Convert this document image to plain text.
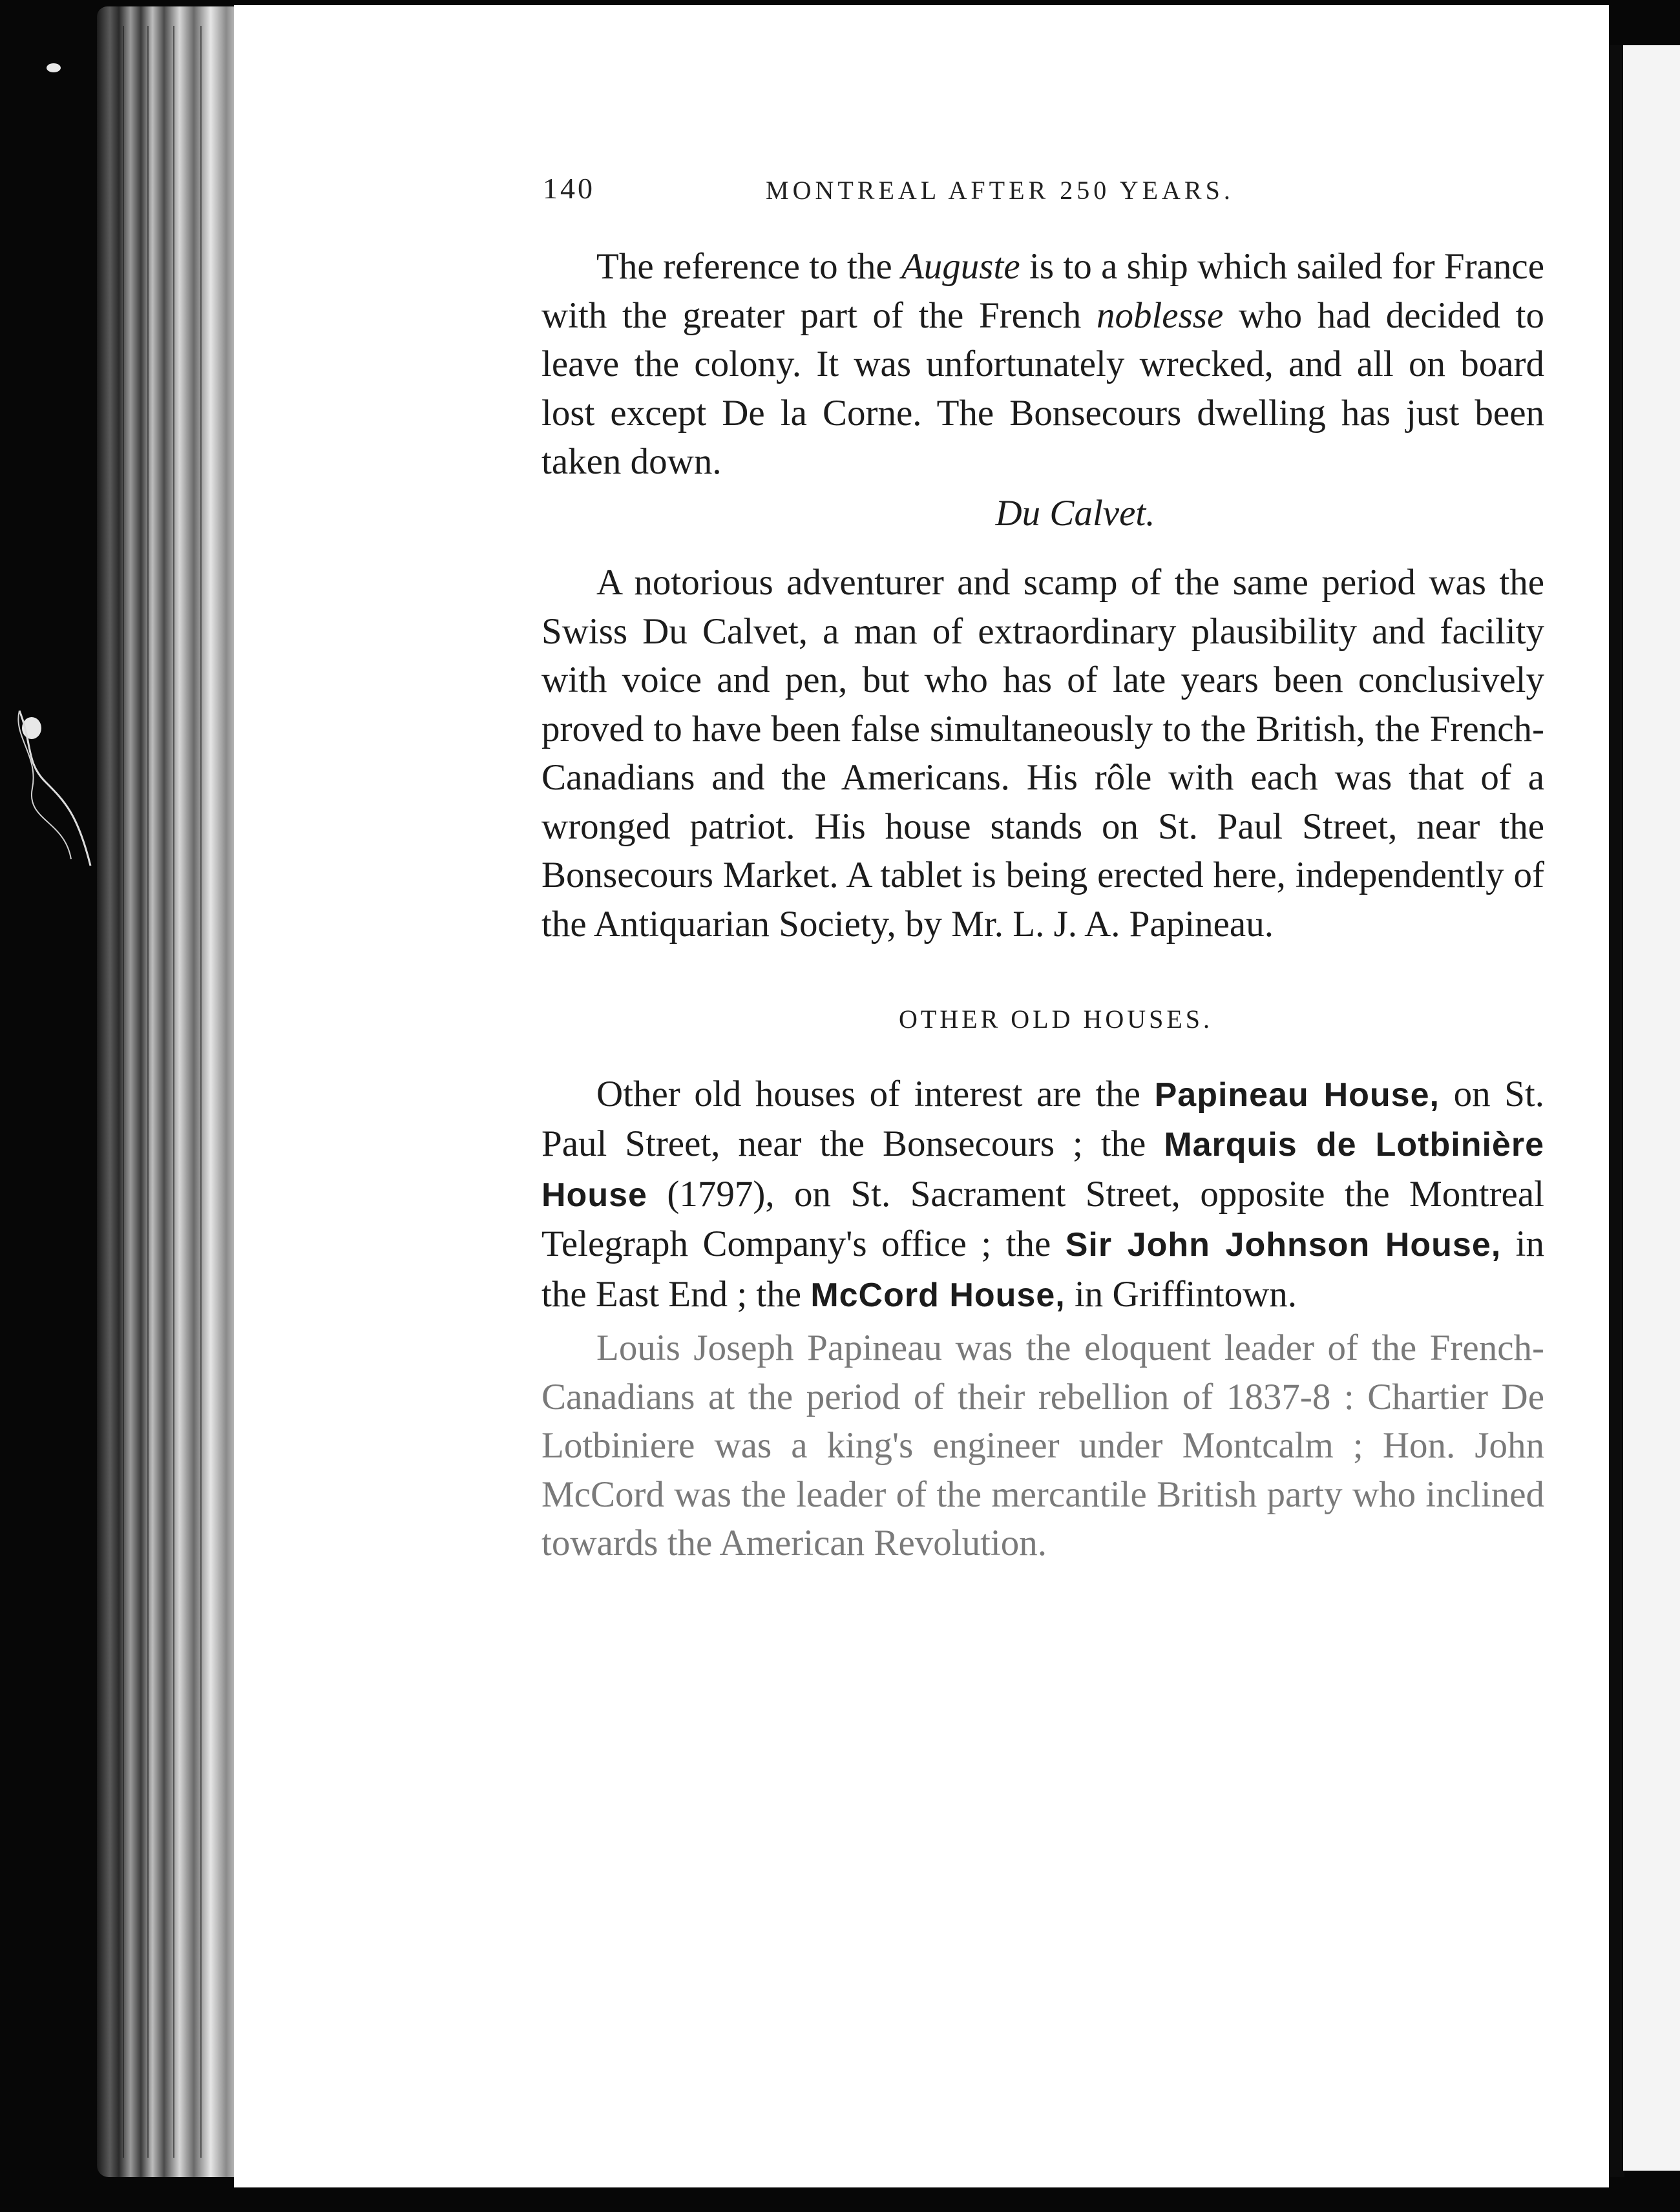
140	MONTREAL AFTER 250 YEARS.

The reference to the Auguste is to a ship which sailed for France with the greater part of the French noblesse who had decided to leave the colony. It was unfortunately wrecked, and all on board lost except De la Corne. The Bonsecours dwelling has just been taken down.

Du Calvet.

A notorious adventurer and scamp of the same period was the Swiss Du Calvet, a man of extraordinary plausibility and facility with voice and pen, but who has of late years been conclusively proved to have been false simultaneously to the British, the French-Canadians and the Americans. His rôle with each was that of a wronged patriot. His house stands on St. Paul Street, near the Bonsecours Market. A tablet is being erected here, independently of the Antiquarian Society, by Mr. L. J. A. Papineau.

OTHER OLD HOUSES.

Other old houses of interest are the Papineau House, on St. Paul Street, near the Bonsecours ; the Marquis de Lotbinière House (1797), on St. Sacrament Street, opposite the Montreal Telegraph Company's office ; the Sir John Johnson House, in the East End ; the McCord House, in Griffintown.

Louis Joseph Papineau was the eloquent leader of the French-Canadians at the period of their rebellion of 1837-8 : Chartier De Lotbiniere was a king's engineer under Montcalm ; Hon. John McCord was the leader of the mercantile British party who inclined towards the American Revolution.
